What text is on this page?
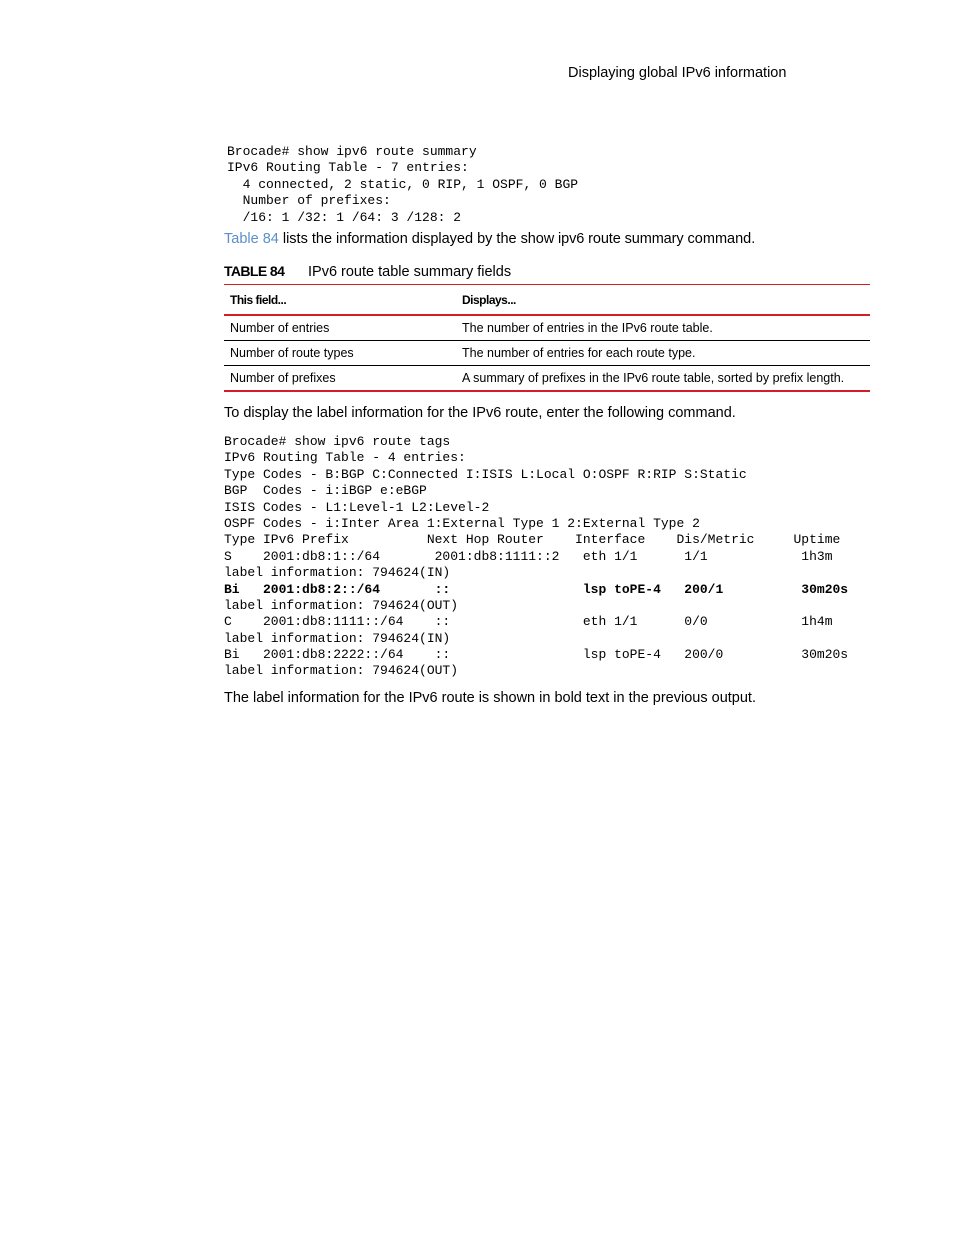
Displaying global IPv6 information
Brocade# show ipv6 route summary
IPv6 Routing Table - 7 entries:
4 connected, 2 static, 0 RIP, 1 OSPF, 0 BGP
Number of prefixes:
/16: 1 /32: 1 /64: 3 /128: 2

Table 84 lists the information displayed by the show ipv6 route summary command.

TABLE 84 IPv6 route table summary fields
This field...	Displays...
Number of entries	The number of entries in the IPv6 route table.
Number of route types	The number of entries for each route type.
Number of prefixes	A summary of prefixes in the IPv6 route table, sorted by prefix length.

To display the label information for the IPv6 route, enter the following command.

Brocade# show ipv6 route tags
IPv6 Routing Table - 4 entries:
Type Codes - B:BGP C:Connected I:ISIS L:Local O:OSPF R:RIP S:Static
BGP  Codes - i:iBGP e:eBGP
ISIS Codes - L1:Level-1 L2:Level-2
OSPF Codes - i:Inter Area 1:External Type 1 2:External Type 2
Type IPv6 Prefix          Next Hop Router    Interface    Dis/Metric     Uptime
S    2001:db8:1::/64       2001:db8:1111::2   eth 1/1      1/1            1h3m
label information: 794624(IN)
Bi   2001:db8:2::/64       ::                 lsp toPE-4   200/1          30m20s
label information: 794624(OUT)
C    2001:db8:1111::/64    ::                 eth 1/1      0/0            1h4m
label information: 794624(IN)
Bi   2001:db8:2222::/64    ::                 lsp toPE-4   200/0          30m20s
label information: 794624(OUT)

The label information for the IPv6 route is shown in bold text in the previous output.
